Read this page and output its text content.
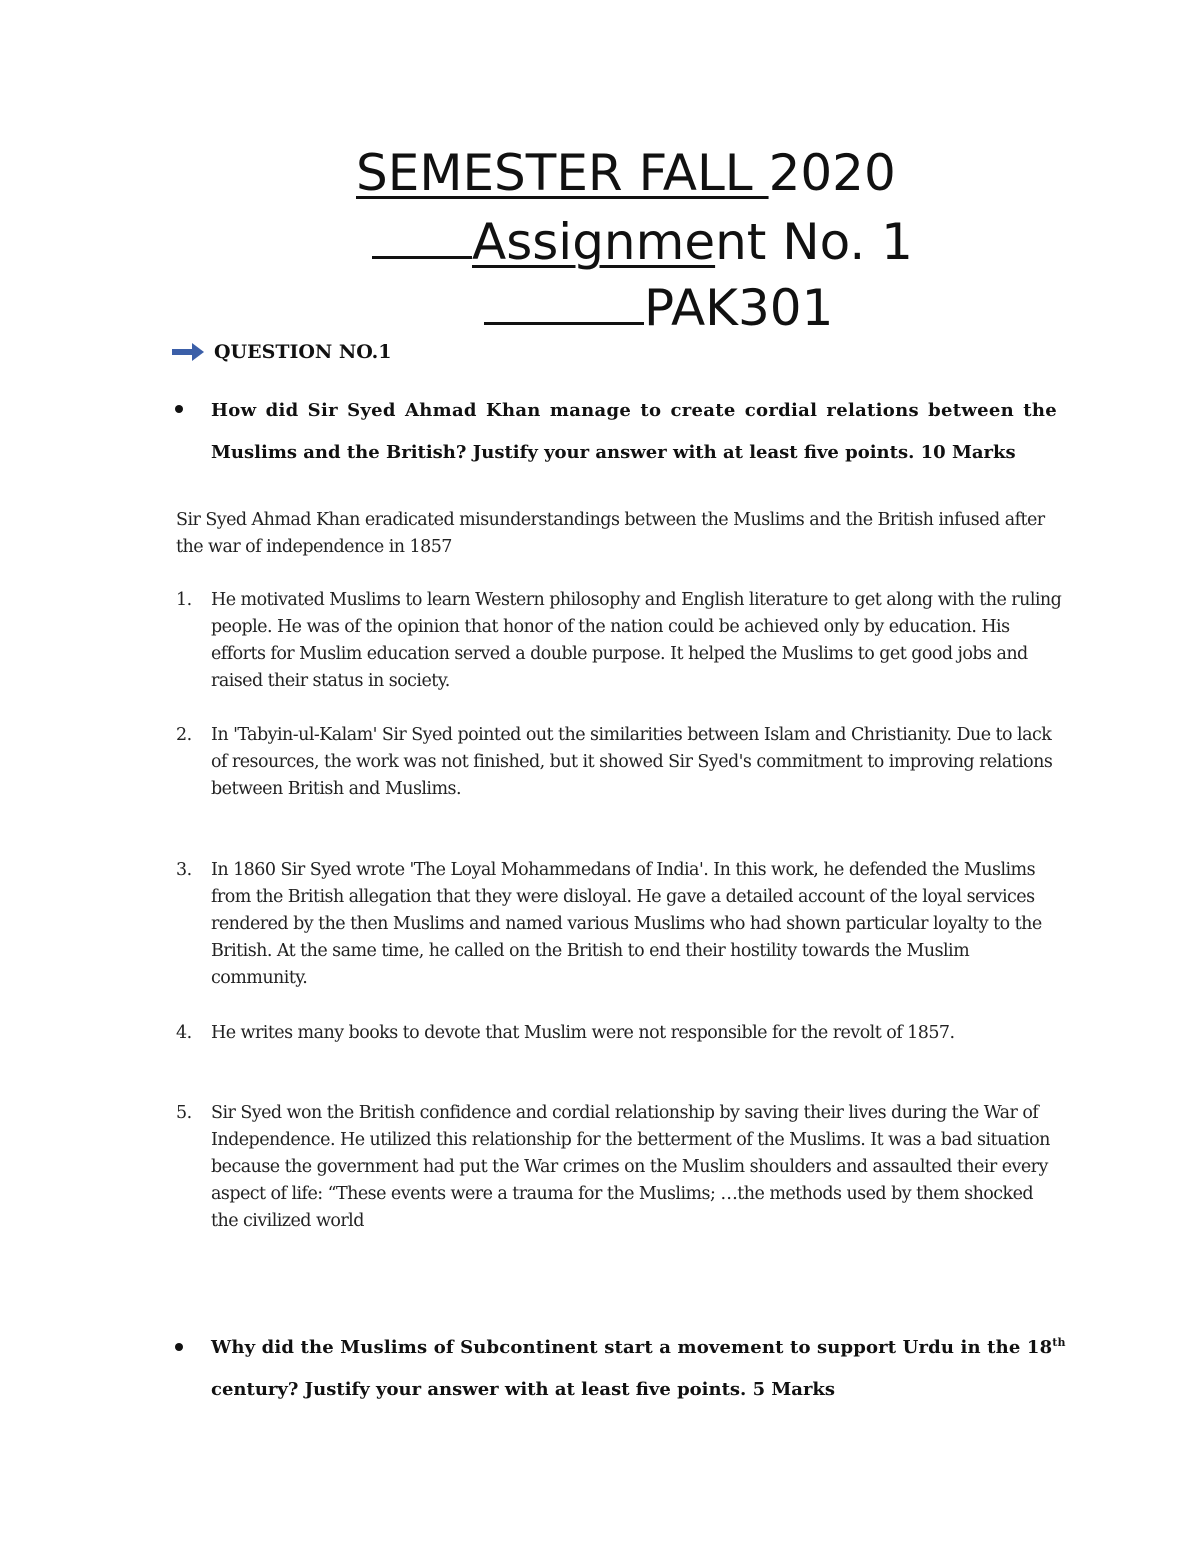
SEMESTER FALL 2020
Assignment No. 1
PAK301
QUESTION NO.1
How did Sir Syed Ahmad Khan manage to create cordial relations between the
Muslims and the British? Justify your answer with at least five points. 10 Marks
Sir Syed Ahmad Khan eradicated misunderstandings between the Muslims and the British infused after the war of independence in 1857
1. He motivated Muslims to learn Western philosophy and English literature to get along with the ruling people. He was of the opinion that honor of the nation could be achieved only by education. His efforts for Muslim education served a double purpose. It helped the Muslims to get good jobs and raised their status in society.
2. In 'Tabyin-ul-Kalam' Sir Syed pointed out the similarities between Islam and Christianity. Due to lack of resources, the work was not finished, but it showed Sir Syed's commitment to improving relations between British and Muslims.
3. In 1860 Sir Syed wrote 'The Loyal Mohammedans of India'. In this work, he defended the Muslims from the British allegation that they were disloyal. He gave a detailed account of the loyal services rendered by the then Muslims and named various Muslims who had shown particular loyalty to the British. At the same time, he called on the British to end their hostility towards the Muslim community.
4. He writes many books to devote that Muslim were not responsible for the revolt of 1857.
5. Sir Syed won the British confidence and cordial relationship by saving their lives during the War of Independence. He utilized this relationship for the betterment of the Muslims. It was a bad situation because the government had put the War crimes on the Muslim shoulders and assaulted their every aspect of life: “These events were a trauma for the Muslims; …the methods used by them shocked the civilized world
Why did the Muslims of Subcontinent start a movement to support Urdu in the 18th
century? Justify your answer with at least five points. 5 Marks
